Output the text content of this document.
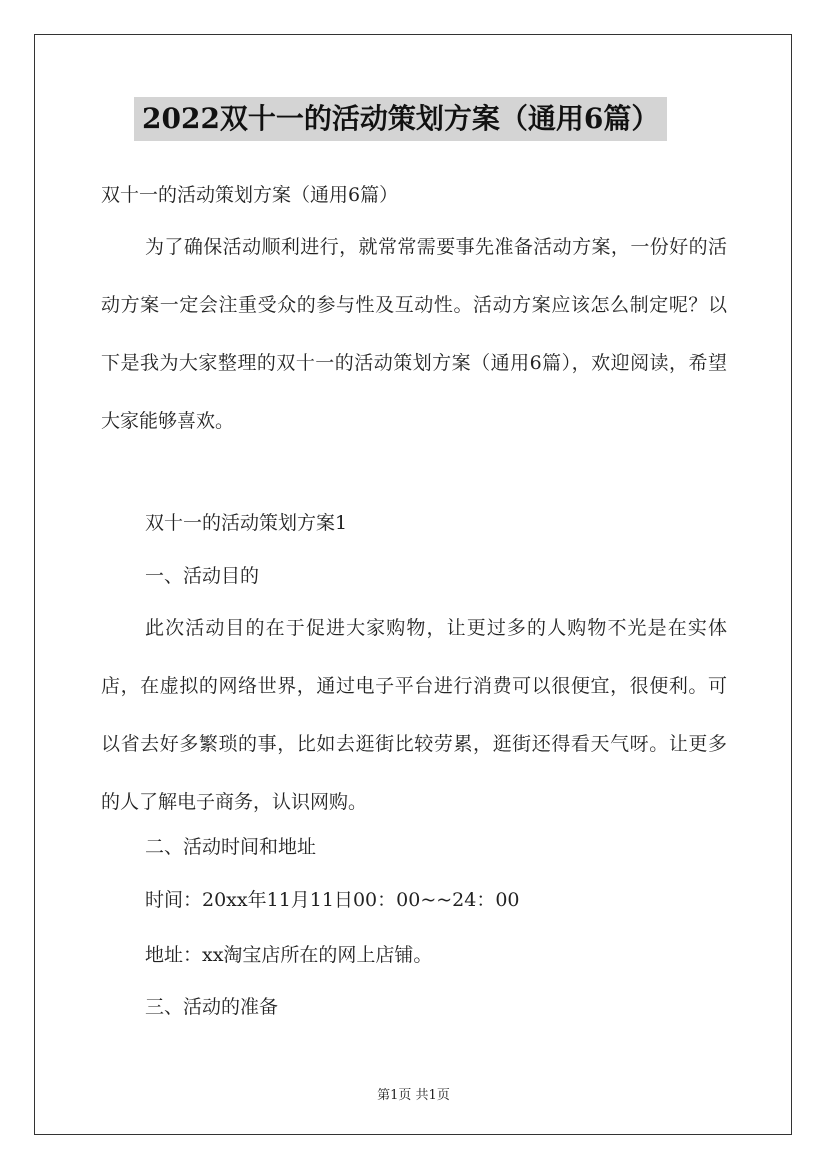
2022双十一的活动策划方案（通用6篇）
双十一的活动策划方案（通用6篇）
为了确保活动顺利进行，就常常需要事先准备活动方案，一份好的活动方案一定会注重受众的参与性及互动性。活动方案应该怎么制定呢？以下是我为大家整理的双十一的活动策划方案（通用6篇），欢迎阅读，希望大家能够喜欢。
双十一的活动策划方案1
一、活动目的
此次活动目的在于促进大家购物，让更过多的人购物不光是在实体店，在虚拟的网络世界，通过电子平台进行消费可以很便宜，很便利。可以省去好多繁琐的事，比如去逛街比较劳累，逛街还得看天气呀。让更多的人了解电子商务，认识网购。
二、活动时间和地址
时间：20xx年11月11日00：00~~24：00
地址：xx淘宝店所在的网上店铺。
三、活动的准备
第1页 共1页
